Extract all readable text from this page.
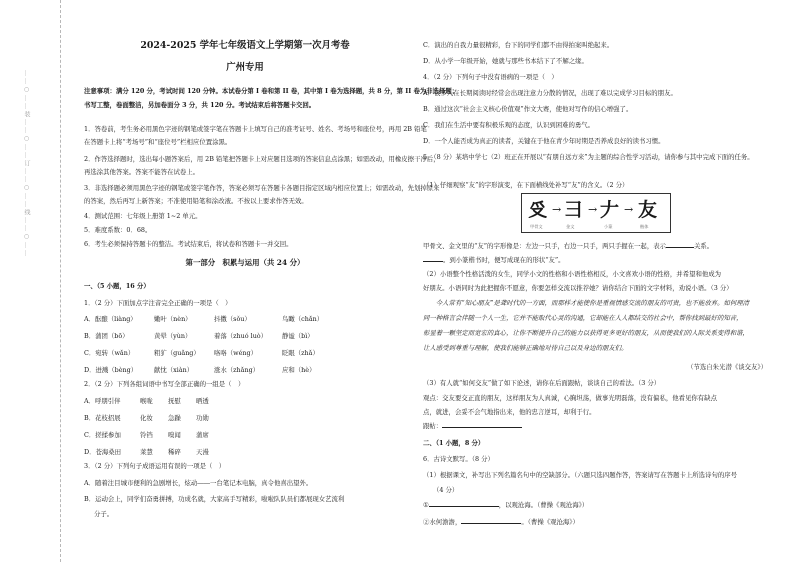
……○……装……○……订……○……线……○……
2024-2025 学年七年级语文上学期第一次月考卷
广州专用
注意事项：满分 120 分，考试时间 120 分钟。本试卷分第 I 卷和第 II 卷，其中第 I 卷为选择题，共 8 分，第 II 卷为非选择题；
书写工整，卷面整洁，另加卷面分 3 分，共 120 分。考试结束后将答题卡交回。
1．答卷前，考生务必用黑色字迹的钢笔或签字笔在答题卡上填写自己的准考证号、姓名、考场号和座位号，再用 2B 铅笔
在答题卡上将“考场号”和“座位号”栏相应位置涂黑。
2．作答选择题时，选出每小题答案后，用 2B 铅笔把答题卡上对应题目选项的答案信息点涂黑；如需改动，用橡皮擦干净后，
再选涂其他答案。答案不能答在试卷上。
3．非选择题必须用黑色字迹的钢笔或签字笔作答，答案必须写在答题卡各题目指定区域内相应位置上；如需改动，先划掉原来
的答案，然后再写上新答案；不准使用铅笔和涂改液。不按以上要求作答无效。
4．测试范围：七年级上册第 1~2 单元。
5．难度系数：0．68。
6．考生必须保持答题卡的整洁。考试结束后，将试卷和答题卡一并交回。
第一部分　积累与运用（共 24 分）
一、（5 小题，16 分）
1．（2 分）下面加点字注音完全正确的一项是（　）
A．酝酿（liàng）	嫩叶（nèn）	抖擞（sǒu）	鸟瞰（chǎn）
B．蒲团（bō）	黄晕（yùn）	着落（zhuó luò） 静谧（bì）
C．宛转（wǎn）	粗犷（guǎng） 咯咯（wéng）	眨眼（zhǎ）
D．迸溅（bèng）	献忱（xiàn）	涨水（zhǎng）	应和（hè）
2．（2 分）下列各组词语中书写全部正确的一组是（　）
A．呼朋引伴	喉咙 抚慰 晒透
B．花枝招展	化妆 急躁 功勋
C．搓揉参加	铃铛 嗅闻 蒲席
D．苍海桑田	莱慧 稀碎 天漫
3．（2 分）下列句子成语运用有误的一项是（　）
A．随着注目城市便利的急剧增长，炫动――一台笔记本电脑，真令他喜出望外。
B．运动会上，同学们奋勇拼搏，功成名就，大家高手写精彩，啦啦队队员们都展现女艺流利
分子。
C．演出的自我力量很精彩，台下的同学们都不由得拍案叫绝起来。
D．从小学一年级开始，她就与那些书本结下了不解之缘。
4．（2 分）下列句子中没有语病的一项是（　）
A．很多人在长期阅读时经常会出现注意力分散的情况，出现了难以完成学习目标的朋友。
B．通过这次“社会主义核心价值观”作文大赛，使他对写作的信心增强了。
C．我们在生活中要有积极乐观的态度，认识到困难的勇气。
D．一个人能否成为真正的读者，关键在于他在青少年时期是否养成良好的读书习惯。
5．（8 分）某培中学七（2）班正在开展以“有朋自远方来”为主题的综合性学习活动，请你参与其中完成下面的任务。
（1）仔细观察“友”的字形演变，在下面横线处补写“友”的含义。（2 分）
𠬪 → ⺕ → 𠂇 → 友
甲骨文	金文	小篆	楷体
甲骨文、金文里的“友”的字形像是：左边一只手，右边一只手，两只手握在一起，表示	关系。
。到小篆楷书时，便写成现在的形状“友”。
（2）小语整个性格活泼的女生，同学小文的性格和小语性格相反，小文喜欢小语的性格，并希望和他成为
好朋友。小语同时为此把握你不愿意，你要怎样交流以推荐她？请你结合下面的文字材料，劝说小语。（3 分）
　　今人常有“知心朋友”是聋时代的一方面，而那样才能使你是重视情感交流的朋友的可贵，也不能放弃。如何理清
同一种格言会伴随一个人一生，它并不能取代心灵的沟通，它却能在人人都结交的社会中，帮你找到最好的知音，
彰显着一颗坚定而宽宏的真心，让你不断提升自己的能力以获得更多更好的朋友，从而使我们的人际关系变得和谐，
让人感受到尊重与理解，使我们能够正确地对待自己以及身边的朋友们。
（节选自朱光潜《谈交友》）
（3）有人就“如何交友”做了如下论述，请你在后面跟帖，谈谈自己的看法。（3 分）
观点：交友要交正直的朋友，这样朋友为人真诚，心胸坦荡，做事光明磊落，没有偏私，他看见你有缺点
点，就进，会妥不会气地指出来，他的忠言逆耳，却利于行。
跟帖：
二、（1 小题，8 分）
6．古诗文默写。（8 分）
（1）根据课文，补写出下列名篇名句中的空缺部分。（六题只选四题作答，答案请写在答题卡上所选诗句的序号
（4 分）
①	，以观沧海。（曹操《观沧海》）
②水何澹澹，	。（曹操《观沧海》）
